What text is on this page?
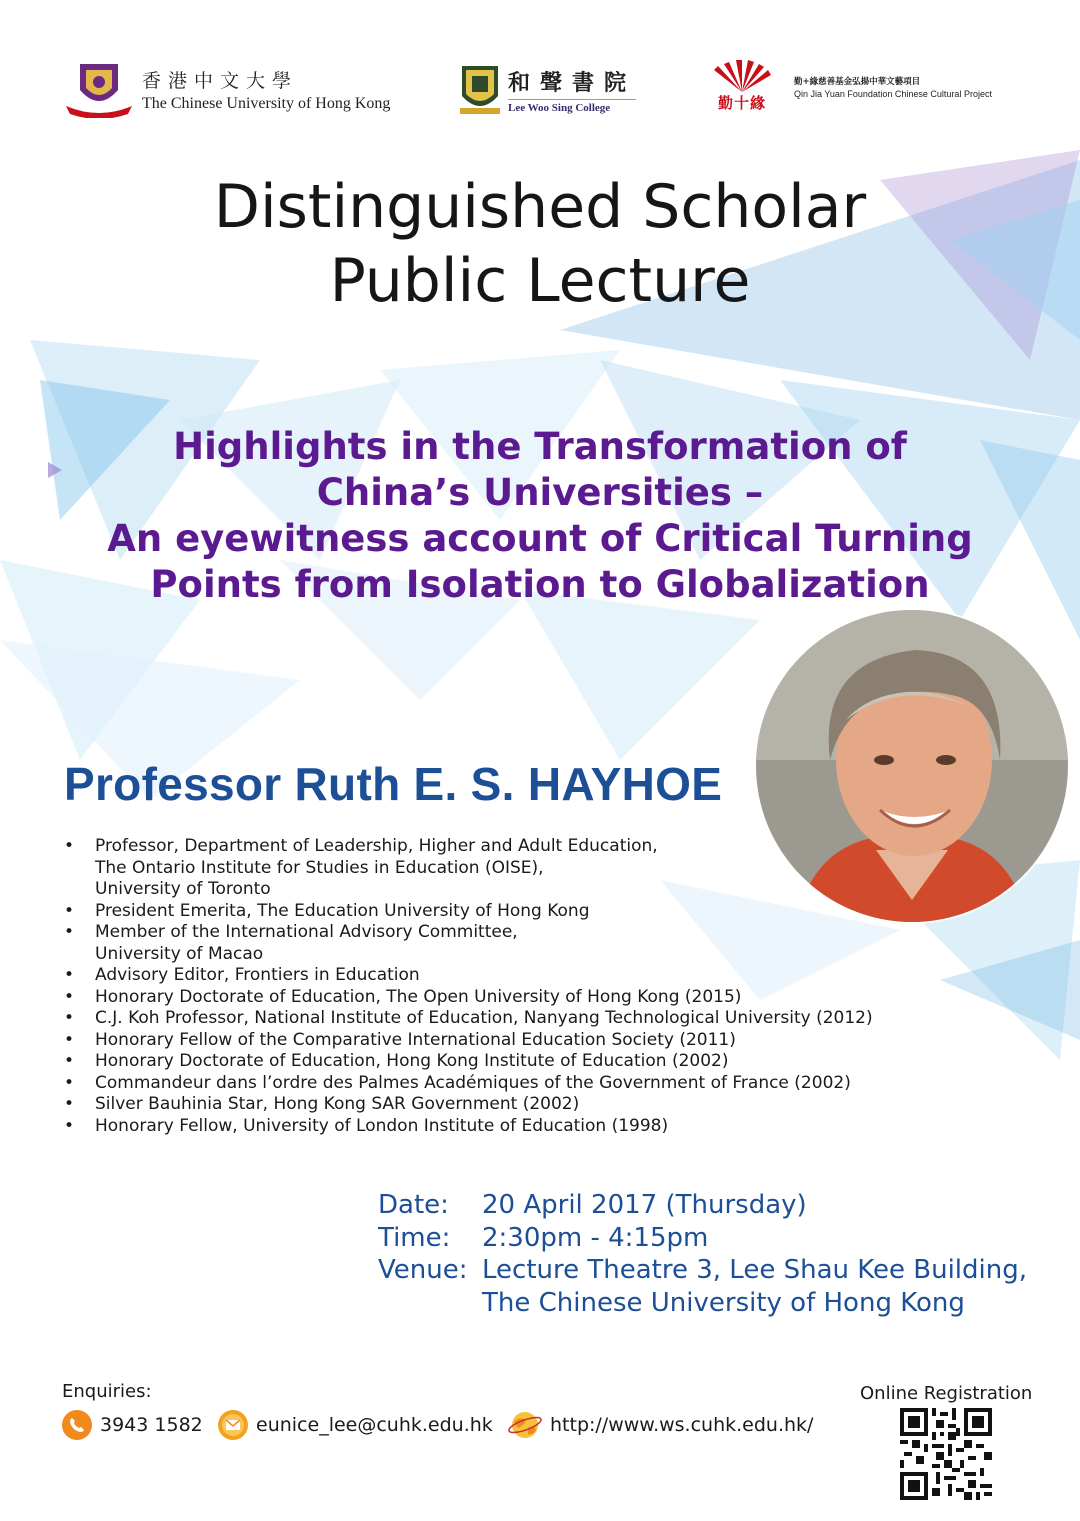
香港中文大學
The Chinese University of Hong Kong
和聲書院
Lee Woo Sing College	勤十緣
勤+緣慈善基金弘揚中華文藝項目
Qin Jia Yuan Foundation Chinese Cultural Project
Distinguished Scholar
Public Lecture
Highlights in the Transformation of
China’s Universities –
An eyewitness account of Critical Turning
Points from Isolation to Globalization
Professor Ruth E. S. HAYHOE
• Professor, Department of Leadership, Higher and Adult Education,
The Ontario Institute for Studies in Education (OISE),
University of Toronto
• President Emerita, The Education University of Hong Kong
• Member of the International Advisory Committee,
University of Macao
• Advisory Editor, Frontiers in Education
• Honorary Doctorate of Education, The Open University of Hong Kong (2015)
• C.J. Koh Professor, National Institute of Education, Nanyang Technological University (2012)
• Honorary Fellow of the Comparative International Education Society (2011)
• Honorary Doctorate of Education, Hong Kong Institute of Education (2002)
• Commandeur dans l’ordre des Palmes Académiques of the Government of France (2002)
• Silver Bauhinia Star, Hong Kong SAR Government (2002)
• Honorary Fellow, University of London Institute of Education (1998)
Date:	20 April 2017 (Thursday)
Time:	2:30pm - 4:15pm
Venue: Lecture Theatre 3, Lee Shau Kee Building,
The Chinese University of Hong Kong
Enquiries:
3943 1582	eunice_lee@cuhk.edu.hk	http://www.ws.cuhk.edu.hk/
Online Registration
